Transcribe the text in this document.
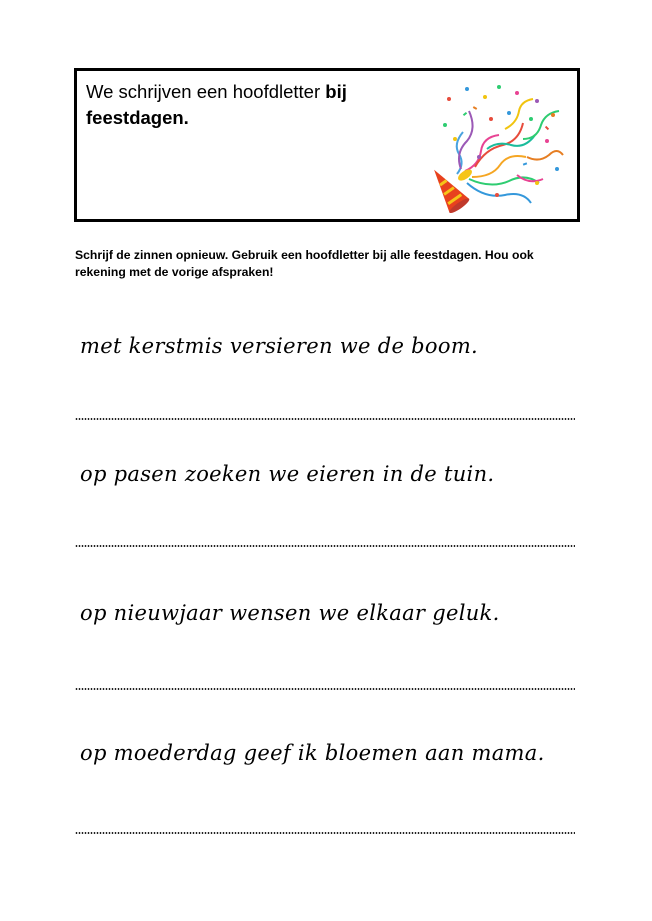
We schrijven een hoofdletter bij
feestdagen.
Schrijf de zinnen opnieuw. Gebruik een hoofdletter bij alle feestdagen. Hou ook rekening met de vorige afspraken!
met kerstmis versieren we de boom.
op pasen zoeken we eieren in de tuin.
op nieuwjaar wensen we elkaar geluk.
op moederdag geef ik bloemen aan mama.
